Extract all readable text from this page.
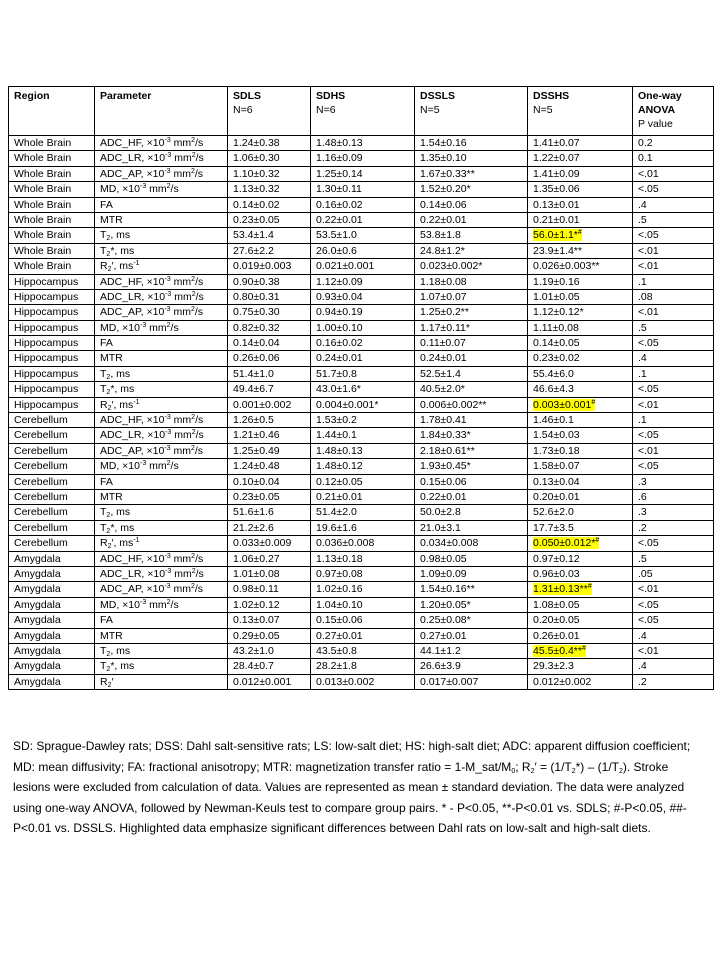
Region	Parameter	SDLS
N=6
	SDHS
N=6
	DSSLS
N=5
	DSSHS
N=5
	One-way
ANOVA
P value

Whole Brain	ADC_HF, $\times 10^{-3}$ $mm^2/s$	1.24±0.38	1.48±0.13	1.54±0.16	1.41±0.07	0.2
Whole Brain	ADC_LR, $\times 10^{-3}$ $mm^2/s$	1.06±0.30	1.16±0.09	1.35±0.10	1.22±0.07	0.1
Whole Brain	ADC_AP, $\times 10^{-3}$ $mm^2/s$	1.10±0.32	1.25±0.14	1.67±0.33**	1.41±0.09	<.01
Whole Brain	MD, $\times 10^{-3}$ $mm^2/s$	1.13±0.32	1.30±0.11	1.52±0.20*	1.35±0.06	<.05
Whole Brain	FA	0.14±0.02	0.16±0.02	0.14±0.06	0.13±0.01	.4
Whole Brain	MTR	0.23±0.05	0.22±0.01	0.22±0.01	0.21±0.01	.5
Whole Brain	$T_2$, ms	53.4±1.4	53.5±1.0	53.8±1.8	56.0±1.1*#	<.05
Whole Brain	$T_2*$, ms	27.6±2.2	26.0±0.6	24.8±1.2*	23.9±1.4**	<.01
Whole Brain	$R_2'$, $ms^{-1}$	0.019±0.003	0.021±0.001	0.023±0.002*	0.026±0.003**	<.01
Hippocampus	ADC_HF, $\times 10^{-3}$ $mm^2/s$	0.90±0.38	1.12±0.09	1.18±0.08	1.19±0.16	.1
Hippocampus	ADC_LR, $\times 10^{-3}$ $mm^2/s$	0.80±0.31	0.93±0.04	1.07±0.07	1.01±0.05	.08
Hippocampus	ADC_AP, $\times 10^{-3}$ $mm^2/s$	0.75±0.30	0.94±0.19	1.25±0.2**	1.12±0.12*	<.01
Hippocampus	MD, $\times 10^{-3}$ $mm^2/s$	0.82±0.32	1.00±0.10	1.17±0.11*	1.11±0.08	.5
Hippocampus	FA	0.14±0.04	0.16±0.02	0.11±0.07	0.14±0.05	<.05
Hippocampus	MTR	0.26±0.06	0.24±0.01	0.24±0.01	0.23±0.02	.4
Hippocampus	$T_2$, ms	51.4±1.0	51.7±0.8	52.5±1.4	55.4±6.0	.1
Hippocampus	$T_2*$, ms	49.4±6.7	43.0±1.6*	40.5±2.0*	46.6±4.3	<.05
Hippocampus	$R_2'$, $ms^{-1}$	0.001±0.002	0.004±0.001*	0.006±0.002**	0.003±0.001#	<.01
Cerebellum	ADC_HF, $\times 10^{-3}$ $mm^2/s$	1.26±0.5	1.53±0.2	1.78±0.41	1.46±0.1	.1
Cerebellum	ADC_LR, $\times 10^{-3}$ $mm^2/s$	1.21±0.46	1.44±0.1	1.84±0.33*	1.54±0.03	<.05
Cerebellum	ADC_AP, $\times 10^{-3}$ $mm^2/s$	1.25±0.49	1.48±0.13	2.18±0.61**	1.73±0.18	<.01
Cerebellum	MD, $\times 10^{-3}$ $mm^2/s$	1.24±0.48	1.48±0.12	1.93±0.45*	1.58±0.07	<.05
Cerebellum	FA	0.10±0.04	0.12±0.05	0.15±0.06	0.13±0.04	.3
Cerebellum	MTR	0.23±0.05	0.21±0.01	0.22±0.01	0.20±0.01	.6
Cerebellum	$T_2$, ms	51.6±1.6	51.4±2.0	50.0±2.8	52.6±2.0	.3
Cerebellum	$T_2*$, ms	21.2±2.6	19.6±1.6	21.0±3.1	17.7±3.5	.2
Cerebellum	$R_2'$, $ms^{-1}$	0.033±0.009	0.036±0.008	0.034±0.008	0.050±0.012*#	<.05
Amygdala	ADC_HF, $\times 10^{-3}$ $mm^2/s$	1.06±0.27	1.13±0.18	0.98±0.05	0.97±0.12	.5
Amygdala	ADC_LR, $\times 10^{-3}$ $mm^2/s$	1.01±0.08	0.97±0.08	1.09±0.09	0.96±0.03	.05
Amygdala	ADC_AP, $\times 10^{-3}$ $mm^2/s$	0.98±0.11	1.02±0.16	1.54±0.16**	1.31±0.13**#	<.01
Amygdala	MD, $\times 10^{-3}$ $mm^2/s$	1.02±0.12	1.04±0.10	1.20±0.05*	1.08±0.05	<.05
Amygdala	FA	0.13±0.07	0.15±0.06	0.25±0.08*	0.20±0.05	<.05
Amygdala	MTR	0.29±0.05	0.27±0.01	0.27±0.01	0.26±0.01	.4
Amygdala	$T_2$, ms	43.2±1.0	43.5±0.8	44.1±1.2	45.5±0.4**#	<.01
Amygdala	$T_2*$, ms	28.4±0.7	28.2±1.8	26.6±3.9	29.3±2.3	.4
Amygdala	$R_2'$	0.012±0.001	0.013±0.002	0.017±0.007	0.012±0.002	.2
SD: Sprague-Dawley rats; DSS: Dahl salt-sensitive rats; LS: low-salt diet; HS: high-salt diet; ADC: apparent diffusion coefficient; MD: mean diffusivity; FA: fractional anisotropy; MTR: magnetization transfer ratio = $1-M\_sat/M_0$; $R_2' = (1/T_2*) - (1/T_2)$. Stroke lesions were excluded from calculation of data. Values are represented as mean ± standard deviation. The data were analyzed using one-way ANOVA, followed by Newman-Keuls test to compare group pairs. * - P<0.05, **-P<0.01 vs. SDLS; #-P<0.05, ##-P<0.01 vs. DSSLS. Highlighted data emphasize significant differences between Dahl rats on low-salt and high-salt diets.
